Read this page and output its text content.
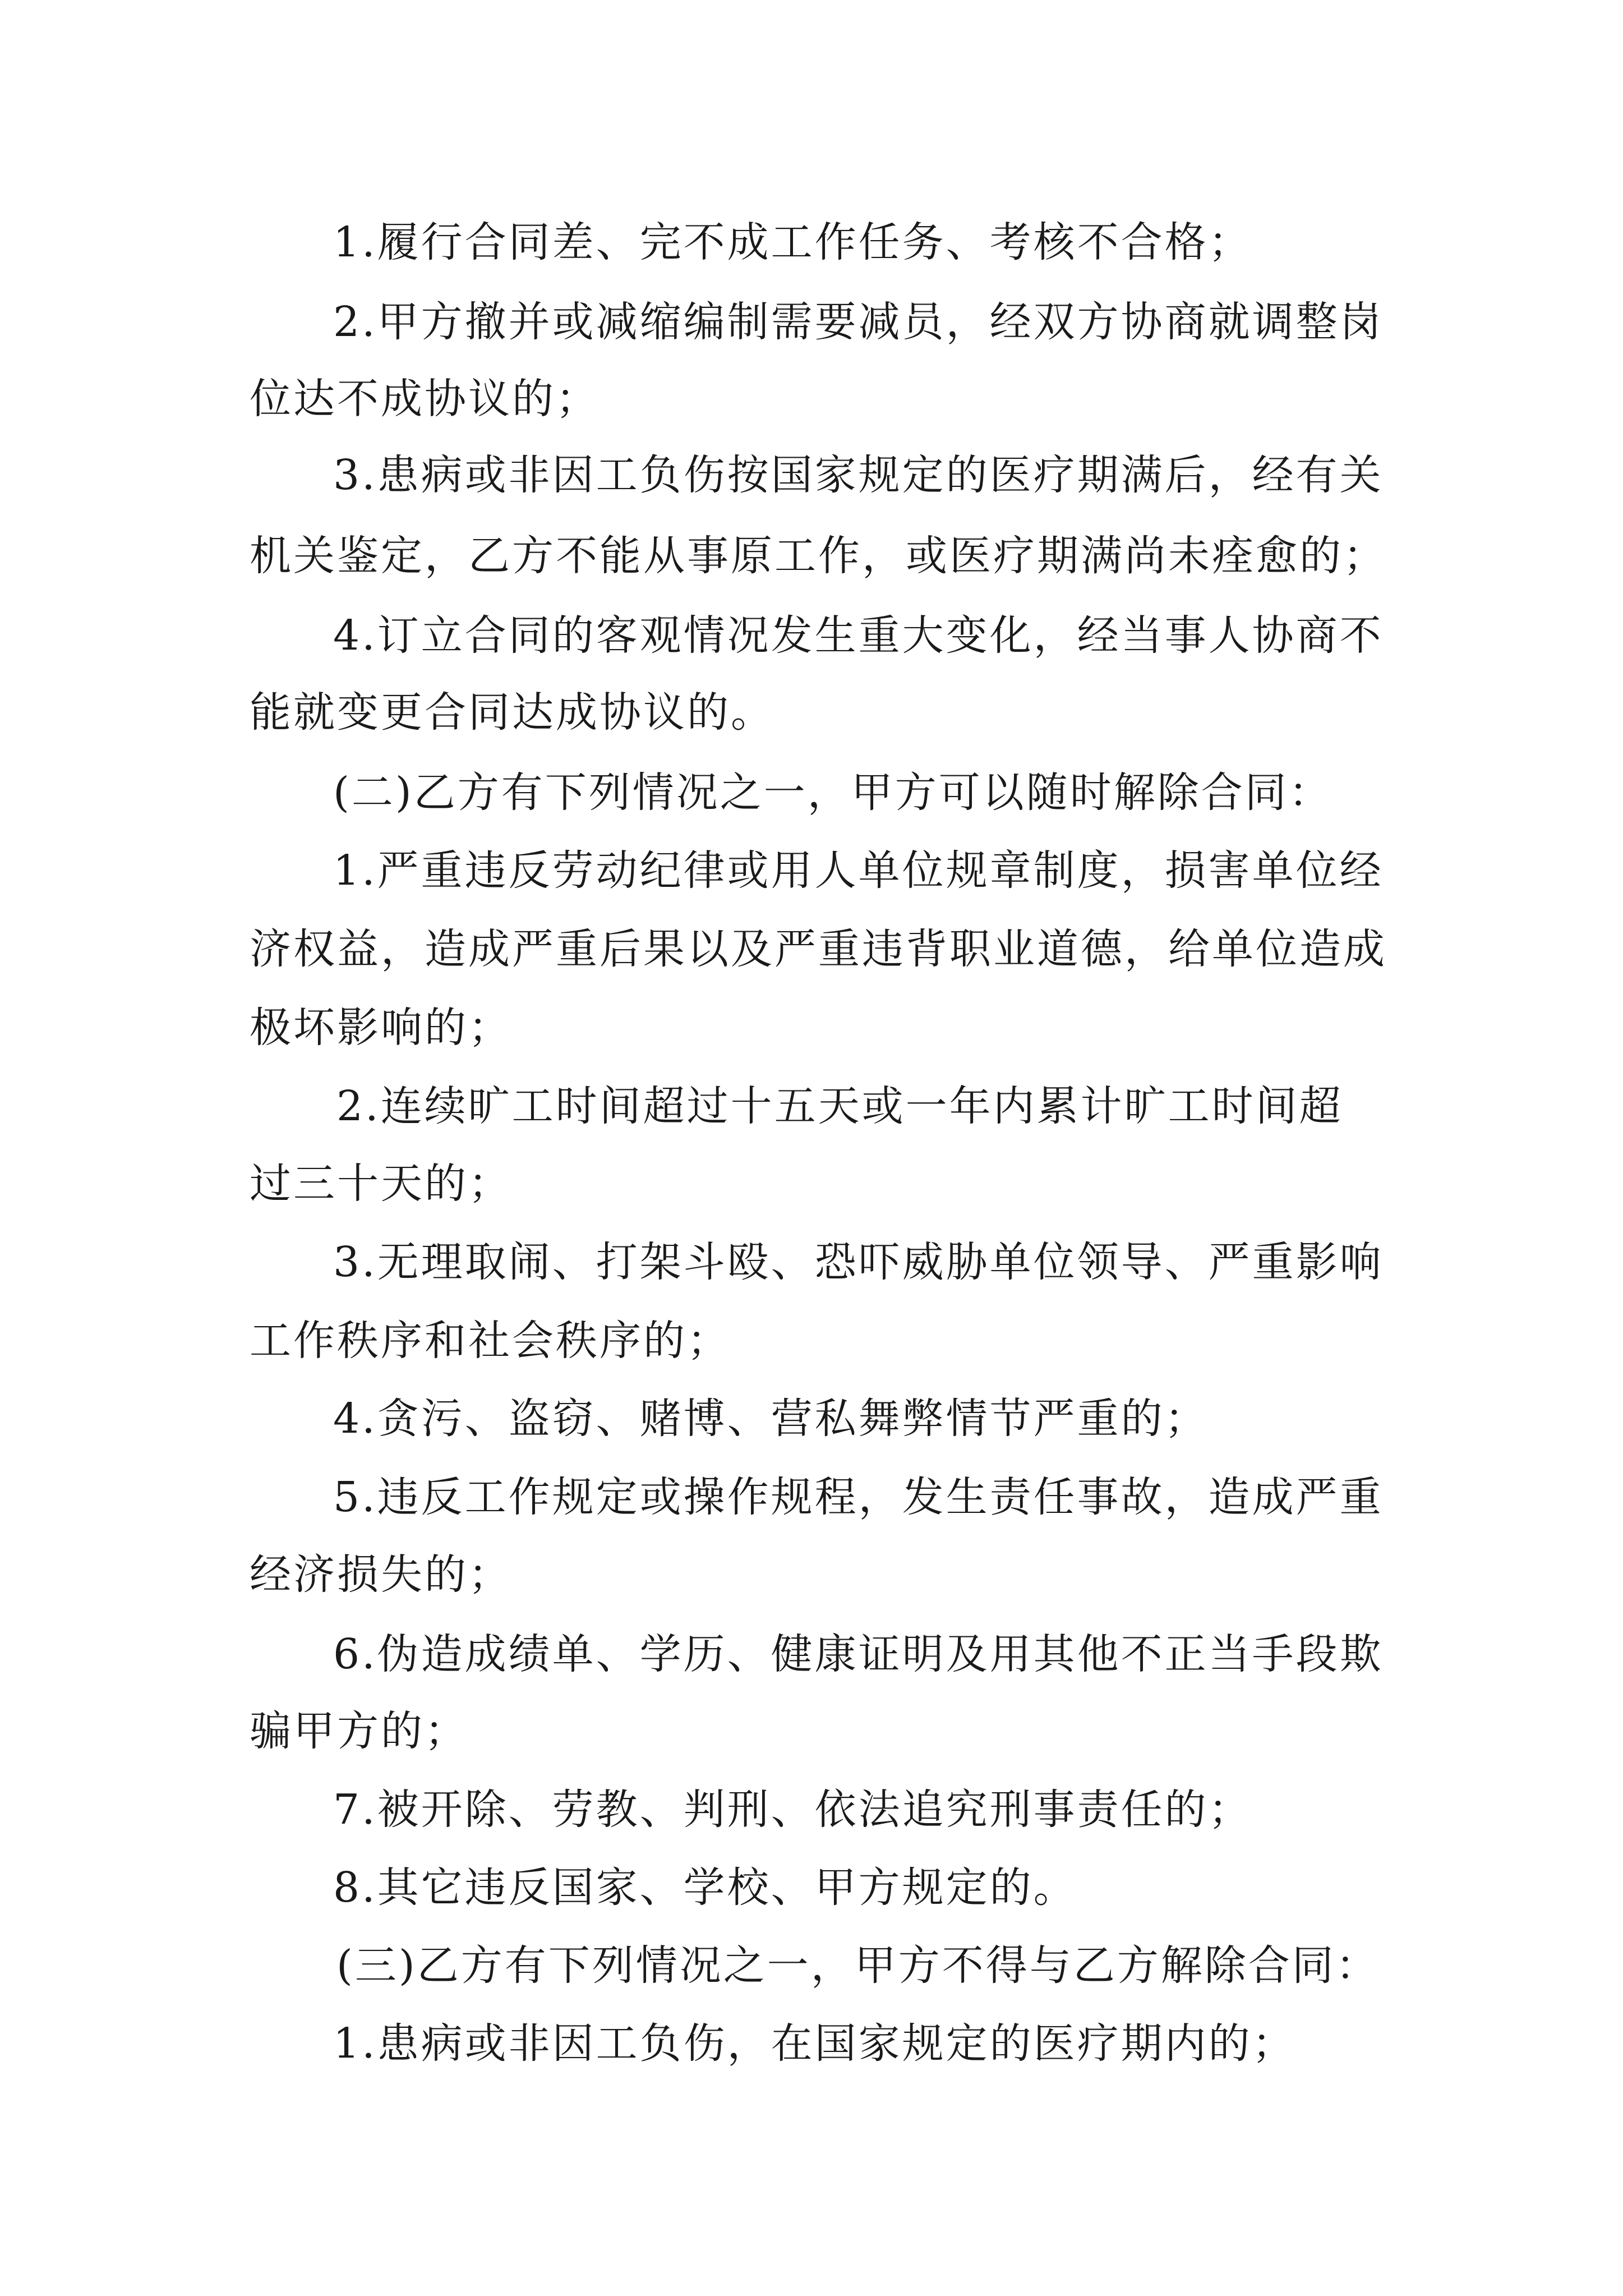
1.履行合同差、完不成工作任务、考核不合格；
2.甲方撤并或减缩编制需要减员，经双方协商就调整岗
位达不成协议的；
3.患病或非因工负伤按国家规定的医疗期满后，经有关
机关鉴定，乙方不能从事原工作，或医疗期满尚未痊愈的；
4.订立合同的客观情况发生重大变化，经当事人协商不
能就变更合同达成协议的。
(二)乙方有下列情况之一，甲方可以随时解除合同：
1.严重违反劳动纪律或用人单位规章制度，损害单位经
济权益，造成严重后果以及严重违背职业道德，给单位造成
极坏影响的；
2.连续旷工时间超过十五天或一年内累计旷工时间超
过三十天的；
3.无理取闹、打架斗殴、恐吓威胁单位领导、严重影响
工作秩序和社会秩序的；
4.贪污、盗窃、赌博、营私舞弊情节严重的；
5.违反工作规定或操作规程，发生责任事故，造成严重
经济损失的；
6.伪造成绩单、学历、健康证明及用其他不正当手段欺
骗甲方的；
7.被开除、劳教、判刑、依法追究刑事责任的；
8.其它违反国家、学校、甲方规定的。
(三)乙方有下列情况之一，甲方不得与乙方解除合同：
1.患病或非因工负伤，在国家规定的医疗期内的；
